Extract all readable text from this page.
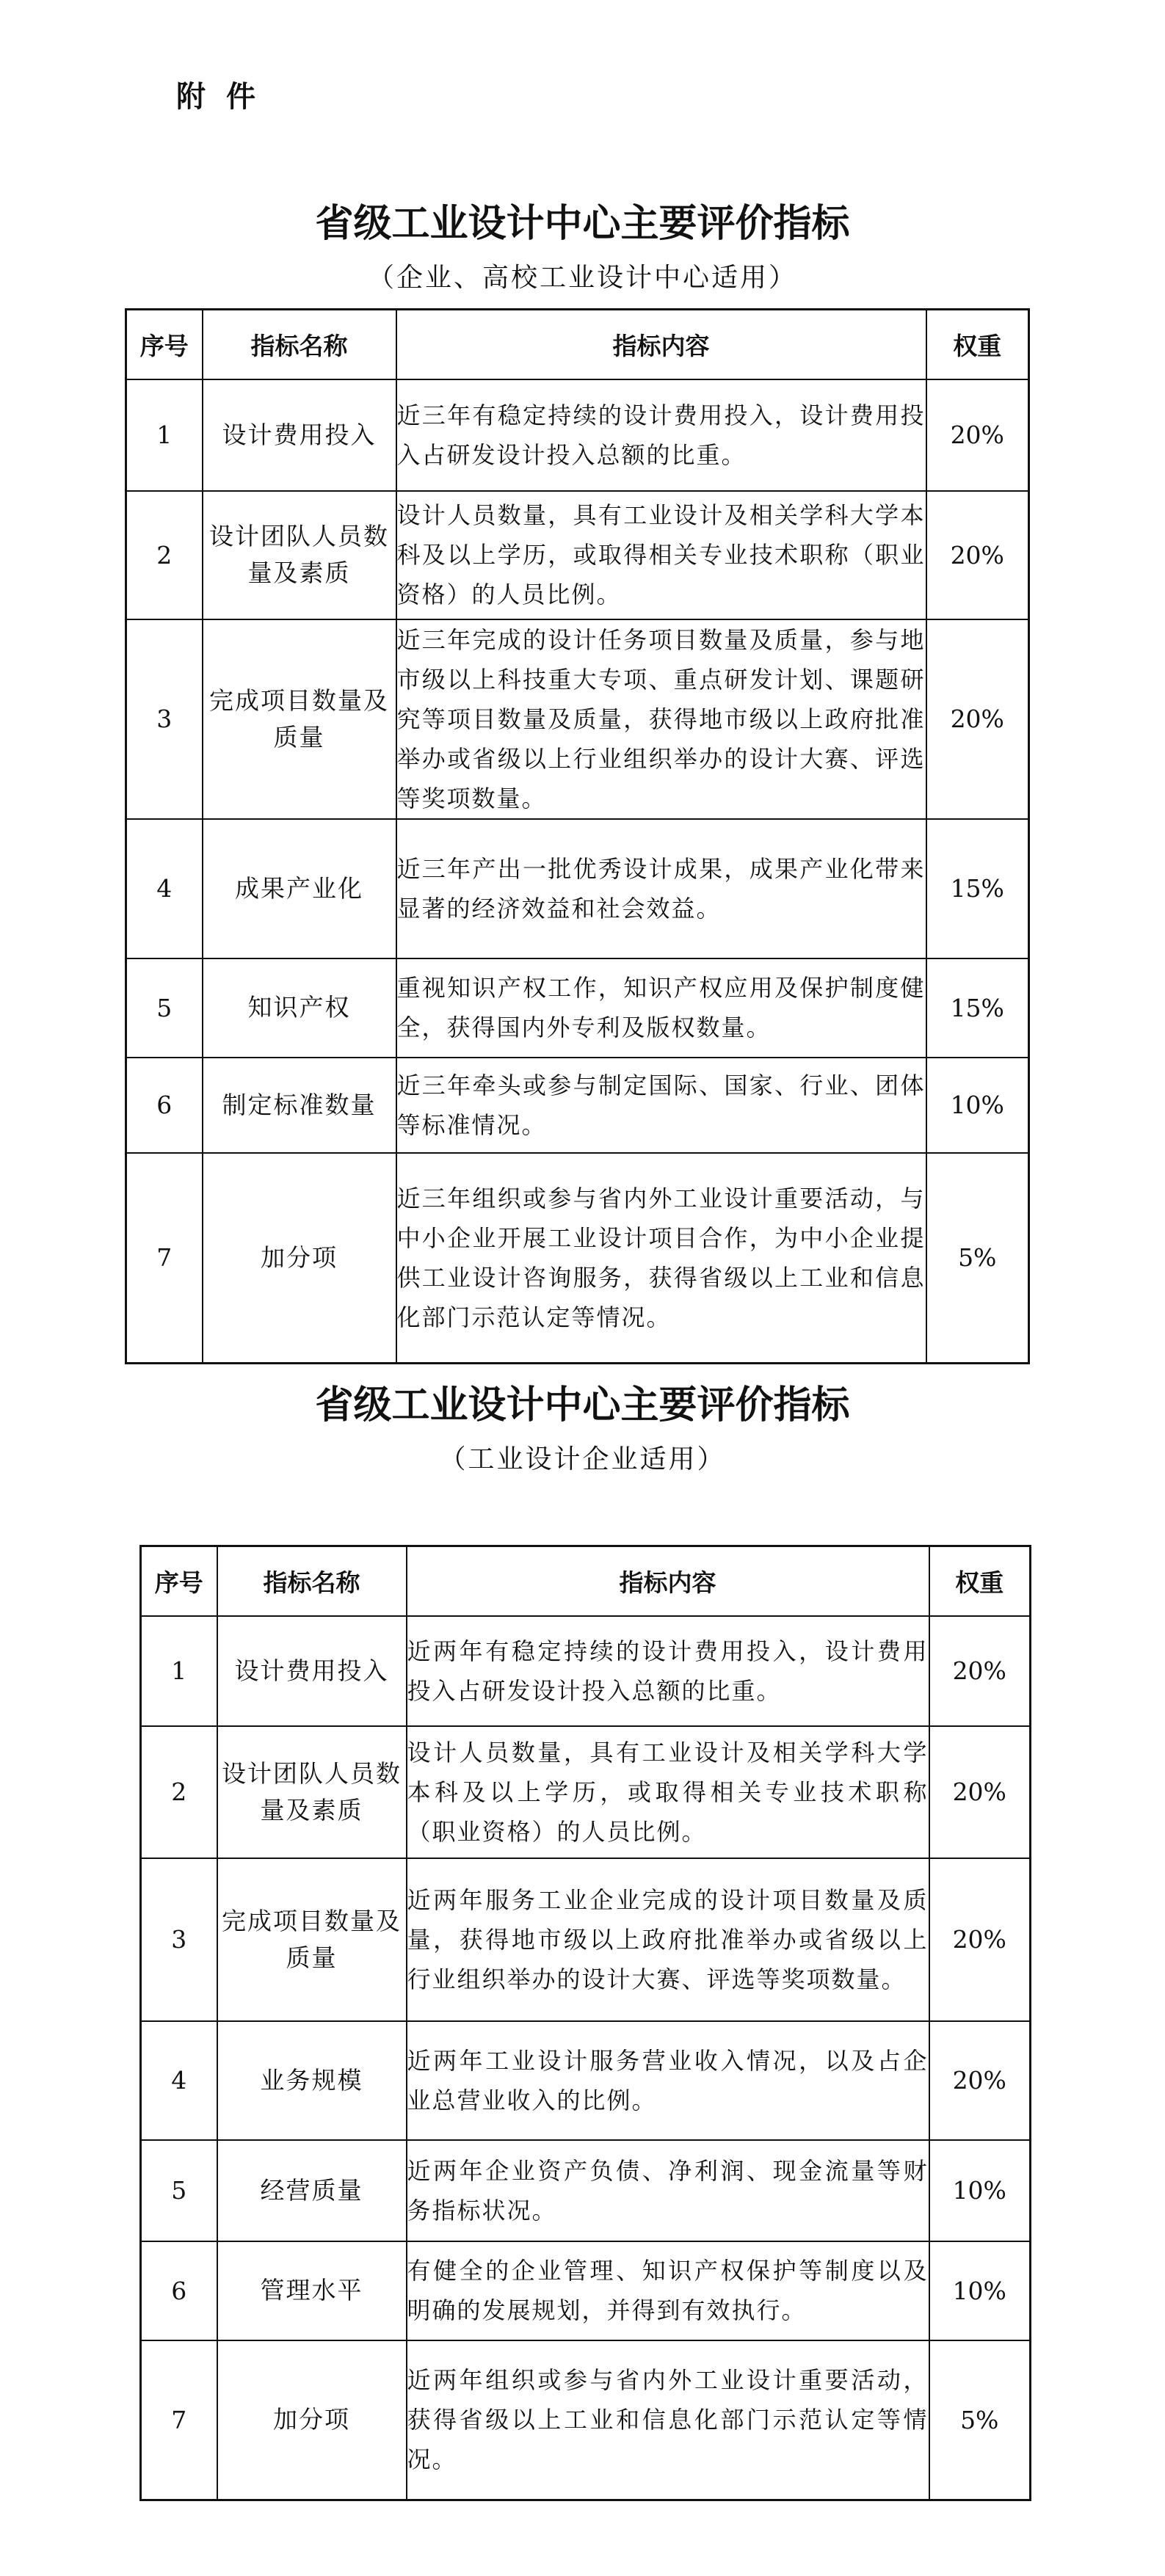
附件
省级工业设计中心主要评价指标
（企业、高校工业设计中心适用）
序号	指标名称	指标内容	权重
1	设计费用投入	近三年有稳定持续的设计费用投入，设计费用投入占研发设计投入总额的比重。	20%
2	设计团队人员数量及素质	设计人员数量，具有工业设计及相关学科大学本科及以上学历，或取得相关专业技术职称（职业资格）的人员比例。	20%
3	完成项目数量及质量	近三年完成的设计任务项目数量及质量，参与地市级以上科技重大专项、重点研发计划、课题研究等项目数量及质量，获得地市级以上政府批准举办或省级以上行业组织举办的设计大赛、评选等奖项数量。	20%
4	成果产业化	近三年产出一批优秀设计成果，成果产业化带来显著的经济效益和社会效益。	15%
5	知识产权	重视知识产权工作，知识产权应用及保护制度健全，获得国内外专利及版权数量。	15%
6	制定标准数量	近三年牵头或参与制定国际、国家、行业、团体等标准情况。	10%
7	加分项	近三年组织或参与省内外工业设计重要活动，与中小企业开展工业设计项目合作，为中小企业提供工业设计咨询服务，获得省级以上工业和信息化部门示范认定等情况。	5%
省级工业设计中心主要评价指标
（工业设计企业适用）
序号	指标名称	指标内容	权重
1	设计费用投入	近两年有稳定持续的设计费用投入，设计费用投入占研发设计投入总额的比重。	20%
2	设计团队人员数量及素质	设计人员数量，具有工业设计及相关学科大学本科及以上学历，或取得相关专业技术职称（职业资格）的人员比例。	20%
3	完成项目数量及质量	近两年服务工业企业完成的设计项目数量及质量，获得地市级以上政府批准举办或省级以上行业组织举办的设计大赛、评选等奖项数量。	20%
4	业务规模	近两年工业设计服务营业收入情况，以及占企业总营业收入的比例。	20%
5	经营质量	近两年企业资产负债、净利润、现金流量等财务指标状况。	10%
6	管理水平	有健全的企业管理、知识产权保护等制度以及明确的发展规划，并得到有效执行。	10%
7	加分项	近两年组织或参与省内外工业设计重要活动，获得省级以上工业和信息化部门示范认定等情况。	5%
